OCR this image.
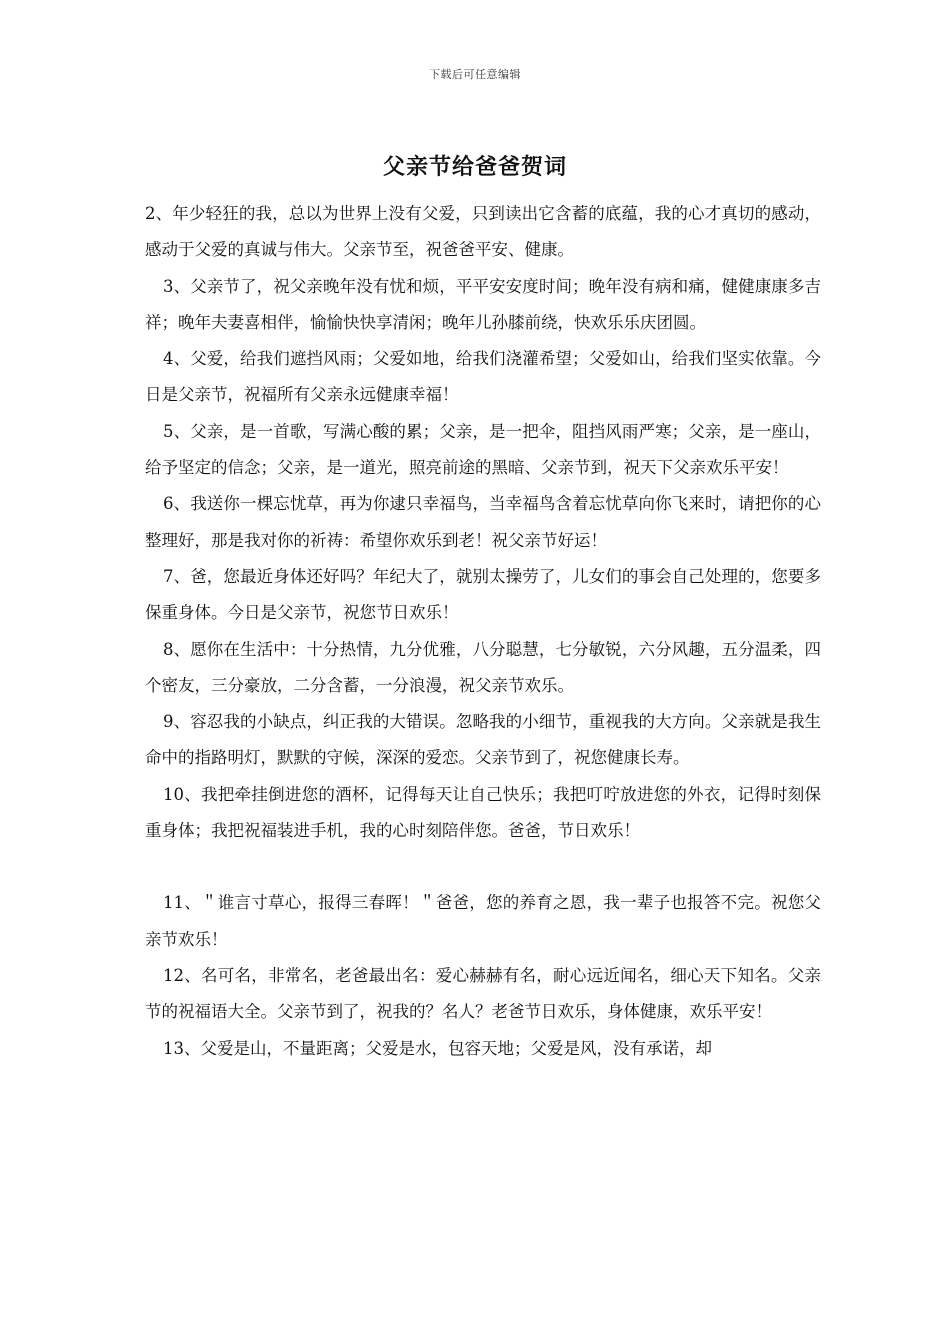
下载后可任意编辑
父亲节给爸爸贺词

2、年少轻狂的我，总以为世界上没有父爱，只到读出它含蓄的底蕴，我的心才真切的感动，感动于父爱的真诚与伟大。父亲节至，祝爸爸平安、健康。

3、父亲节了，祝父亲晚年没有忧和烦，平平安安度时间；晚年没有病和痛，健健康康多吉祥；晚年夫妻喜相伴，愉愉快快享清闲；晚年儿孙膝前绕，快欢乐乐庆团圆。

4、父爱，给我们遮挡风雨；父爱如地，给我们浇灌希望；父爱如山，给我们坚实依靠。今日是父亲节，祝福所有父亲永远健康幸福！

5、父亲，是一首歌，写满心酸的累；父亲，是一把伞，阻挡风雨严寒；父亲，是一座山，给予坚定的信念；父亲，是一道光，照亮前途的黑暗、父亲节到，祝天下父亲欢乐平安！

6、我送你一棵忘忧草，再为你逮只幸福鸟，当幸福鸟含着忘忧草向你飞来时，请把你的心整理好，那是我对你的祈祷：希望你欢乐到老！祝父亲节好运！

7、爸，您最近身体还好吗？年纪大了，就别太操劳了，儿女们的事会自己处理的，您要多保重身体。今日是父亲节，祝您节日欢乐！

8、愿你在生活中：十分热情，九分优雅，八分聪慧，七分敏锐，六分风趣，五分温柔，四个密友，三分豪放，二分含蓄，一分浪漫，祝父亲节欢乐。

9、容忍我的小缺点，纠正我的大错误。忽略我的小细节，重视我的大方向。父亲就是我生命中的指路明灯，默默的守候，深深的爱恋。父亲节到了，祝您健康长寿。

10、我把牵挂倒进您的酒杯，记得每天让自己快乐；我把叮咛放进您的外衣，记得时刻保重身体；我把祝福装进手机，我的心时刻陪伴您。爸爸，节日欢乐！

11、＂谁言寸草心，报得三春晖！＂爸爸，您的养育之恩，我一辈子也报答不完。祝您父亲节欢乐！

12、名可名，非常名，老爸最出名：爱心赫赫有名，耐心远近闻名，细心天下知名。父亲节的祝福语大全。父亲节到了，祝我的？名人？老爸节日欢乐，身体健康，欢乐平安！

13、父爱是山，不量距离；父爱是水，包容天地；父爱是风，没有承诺，却
